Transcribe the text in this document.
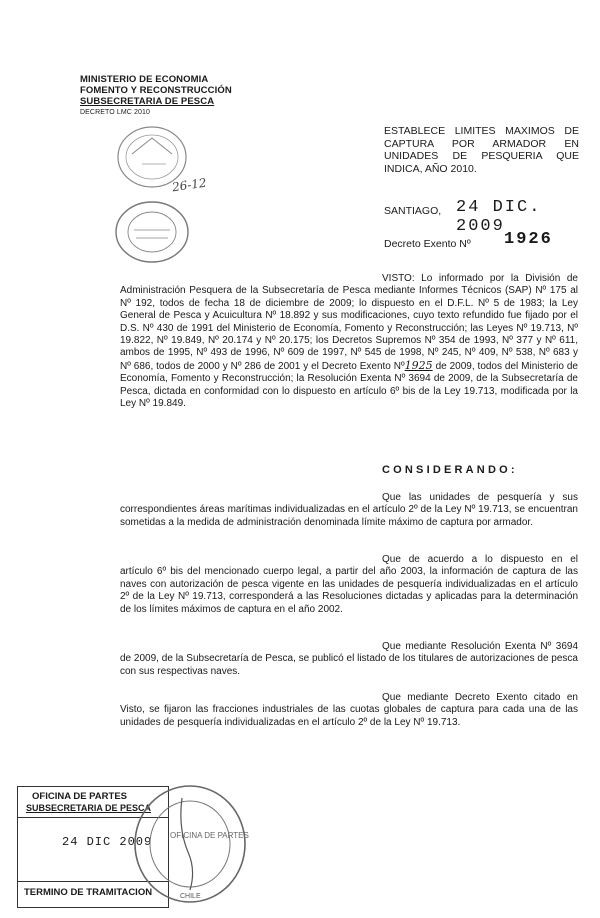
MINISTERIO DE ECONOMIA
FOMENTO Y RECONSTRUCCIÓN
SUBSECRETARIA DE PESCA
DECRETO LMC 2010
26-12
ESTABLECE LIMITES MAXIMOS DE CAPTURA POR ARMADOR EN UNIDADES DE PESQUERIA QUE INDICA, AÑO 2010.
SANTIAGO, 24 DIC. 2009
Decreto Exento Nº 1926
VISTO: Lo informado por la División de Administración Pesquera de la Subsecretaría de Pesca mediante Informes Técnicos (SAP) Nº 175 al Nº 192, todos de fecha 18 de diciembre de 2009; lo dispuesto en el D.F.L. Nº 5 de 1983; la Ley General de Pesca y Acuicultura Nº 18.892 y sus modificaciones, cuyo texto refundido fue fijado por el D.S. Nº 430 de 1991 del Ministerio de Economía, Fomento y Reconstrucción; las Leyes Nº 19.713, Nº 19.822, Nº 19.849, Nº 20.174 y Nº 20.175; los Decretos Supremos Nº 354 de 1993, Nº 377 y Nº 611, ambos de 1995, Nº 493 de 1996, Nº 609 de 1997, Nº 545 de 1998, Nº 245, Nº 409, Nº 538, Nº 683 y Nº 686, todos de 2000 y Nº 286 de 2001 y el Decreto Exento Nº1925 de 2009, todos del Ministerio de Economía, Fomento y Reconstrucción; la Resolución Exenta Nº 3694 de 2009, de la Subsecretaría de Pesca, dictada en conformidad con lo dispuesto en artículo 6º bis de la Ley 19.713, modificada por la Ley Nº 19.849.
CONSIDERANDO:
Que las unidades de pesquería y sus correspondientes áreas marítimas individualizadas en el artículo 2º de la Ley Nº 19.713, se encuentran sometidas a la medida de administración denominada límite máximo de captura por armador.
Que de acuerdo a lo dispuesto en el artículo 6º bis del mencionado cuerpo legal, a partir del año 2003, la información de captura de las naves con autorización de pesca vigente en las unidades de pesquería individualizadas en el artículo 2º de la Ley Nº 19.713, corresponderá a las Resoluciones dictadas y aplicadas para la determinación de los límites máximos de captura en el año 2002.
Que mediante Resolución Exenta Nº 3694 de 2009, de la Subsecretaría de Pesca, se publicó el listado de los titulares de autorizaciones de pesca con sus respectivas naves.
Que mediante Decreto Exento citado en Visto, se fijaron las fracciones industriales de las cuotas globales de captura para cada una de las unidades de pesquería individualizadas en el artículo 2º de la Ley Nº 19.713.
OFICINA DE PARTES
SUBSECRETARIA DE PESCA
24 DIC 2009
TERMINO DE TRAMITACION
OFICINA DE PARTES
CHILE
